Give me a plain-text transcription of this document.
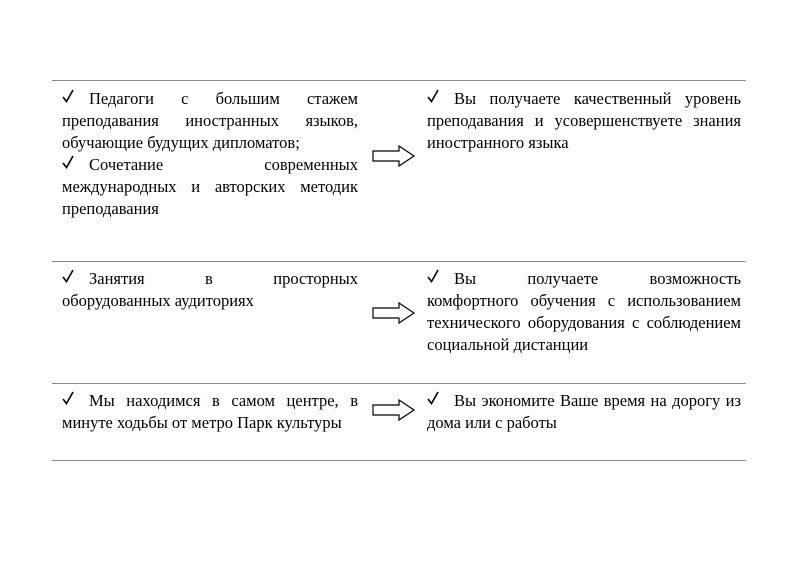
Педагоги с большим стажем преподавания иностранных языков, обучающие будущих дипломатов;
Сочетание современных международных и авторских методик преподавания
Вы получаете качественный уровень преподавания и усовершенствуете знания иностранного языка
Занятия в просторных оборудованных аудиториях
Вы получаете возможность комфортного обучения с использованием технического оборудования с соблюдением социальной дистанции
Мы находимся в самом центре, в минуте ходьбы от метро Парк культуры
Вы экономите Ваше время на дорогу из дома или с работы
